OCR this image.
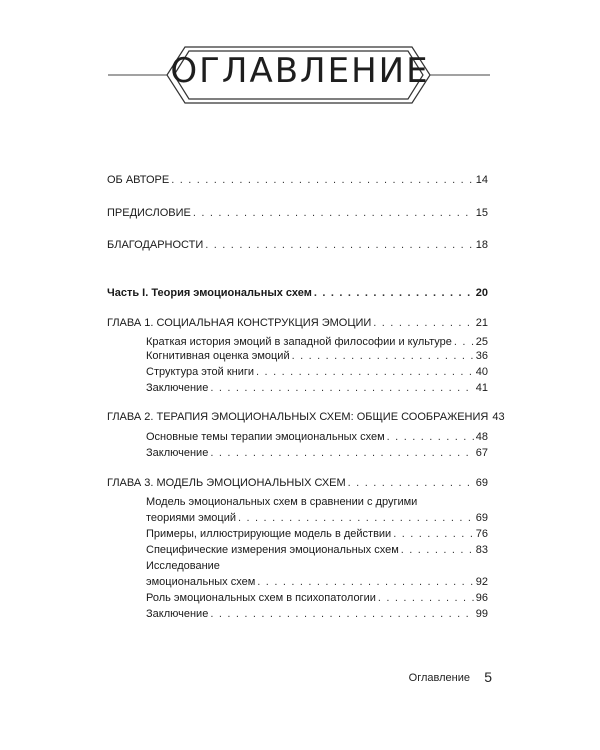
ОГЛАВЛЕНИЕ
ОБ АВТОРЕ . . .	14
ПРЕДИСЛОВИЕ . . .	15
БЛАГОДАРНОСТИ . . .	18
Часть I. Теория эмоциональных схем . . .	20
ГЛАВА 1. СОЦИАЛЬНАЯ КОНСТРУКЦИЯ ЭМОЦИИ . . .	21
Краткая история эмоций в западной философии и культуре . . . 25
Когнитивная оценка эмоций . . .	36
Структура этой книги . . .	40
Заключение . . .	41
ГЛАВА 2. ТЕРАПИЯ ЭМОЦИОНАЛЬНЫХ СХЕМ: ОБЩИЕ СООБРАЖЕНИЯ 43
Основные темы терапии эмоциональных схем . . .	48
Заключение . . .	67
ГЛАВА 3. МОДЕЛЬ ЭМОЦИОНАЛЬНЫХ СХЕМ . . .	69
Модель эмоциональных схем в сравнении с другими
теориями эмоций . . .	69
Примеры, иллюстрирующие модель в действии . . .	76
Специфические измерения эмоциональных схем . . .	83
Исследование
эмоциональных схем . . .	92
Роль эмоциональных схем в психопатологии . . .	96
Заключение . . .	99
Оглавление 5
